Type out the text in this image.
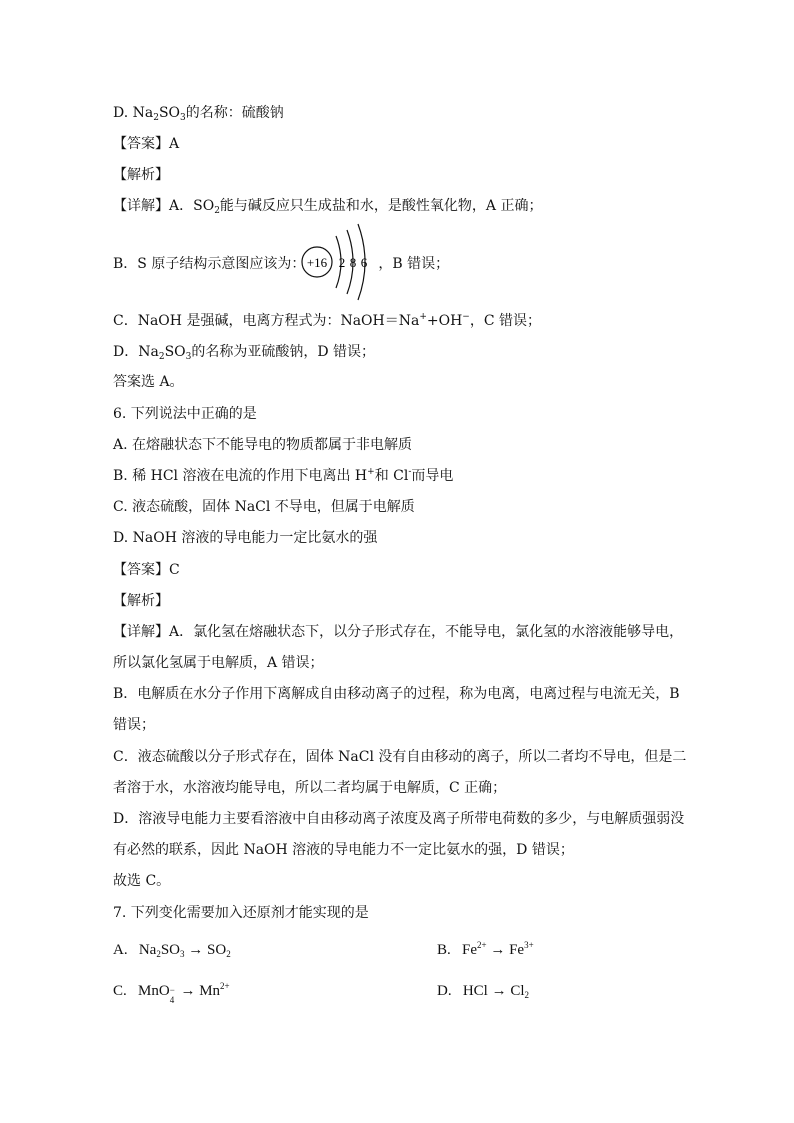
D. $Na_2SO_3$的名称：硫酸钠
【答案】A
【解析】
【详解】A．$SO_2$能与碱反应只生成盐和水，是酸性氧化物，A 正确；
B．S 原子结构示意图应该为：	，B 错误；
+16 2 8 6
C．NaOH 是强碱，电离方程式为：NaOH＝Na++OH−，C 错误；
D．$Na_2SO_3$的名称为亚硫酸钠，D 错误；
答案选 A。
6. 下列说法中正确的是
A. 在熔融状态下不能导电的物质都属于非电解质
B. 稀 HCl 溶液在电流的作用下电离出 H+和 Cl-而导电
C. 液态硫酸，固体 NaCl 不导电，但属于电解质
D. NaOH 溶液的导电能力一定比氨水的强
【答案】C
【解析】
【详解】A．氯化氢在熔融状态下，以分子形式存在，不能导电，氯化氢的水溶液能够导电，
所以氯化氢属于电解质，A 错误；
B．电解质在水分子作用下离解成自由移动离子的过程，称为电离，电离过程与电流无关，B
错误；
C．液态硫酸以分子形式存在，固体 NaCl 没有自由移动的离子，所以二者均不导电，但是二
者溶于水，水溶液均能导电，所以二者均属于电解质，C 正确；
D．溶液导电能力主要看溶液中自由移动离子浓度及离子所带电荷数的多少，与电解质强弱没
有必然的联系，因此 NaOH 溶液的导电能力不一定比氨水的强，D 错误；
故选 C。
7. 下列变化需要加入还原剂才能实现的是
A. $Na_2SO_3 \to SO_2$	B. $Fe^{2+} \to Fe^{3+}$
C. MnO −
4
→ $Mn^{2+}$	D. HCl → $Cl_2$
